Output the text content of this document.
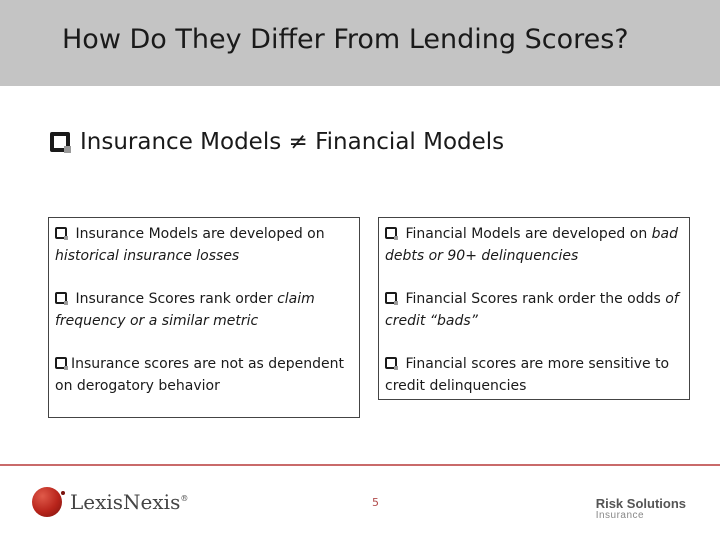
How Do They Differ From Lending Scores?
Insurance Models ≠ Financial Models
Insurance Models are developed on historical insurance losses
Insurance Scores rank order claim frequency or a similar metric
Insurance scores are not as dependent on derogatory behavior
Financial Models are developed on bad debts or 90+ delinquencies
Financial Scores rank order the odds of credit “bads”
Financial scores are more sensitive to credit delinquencies
LexisNexis®	5	Risk Solutions
Insurance
